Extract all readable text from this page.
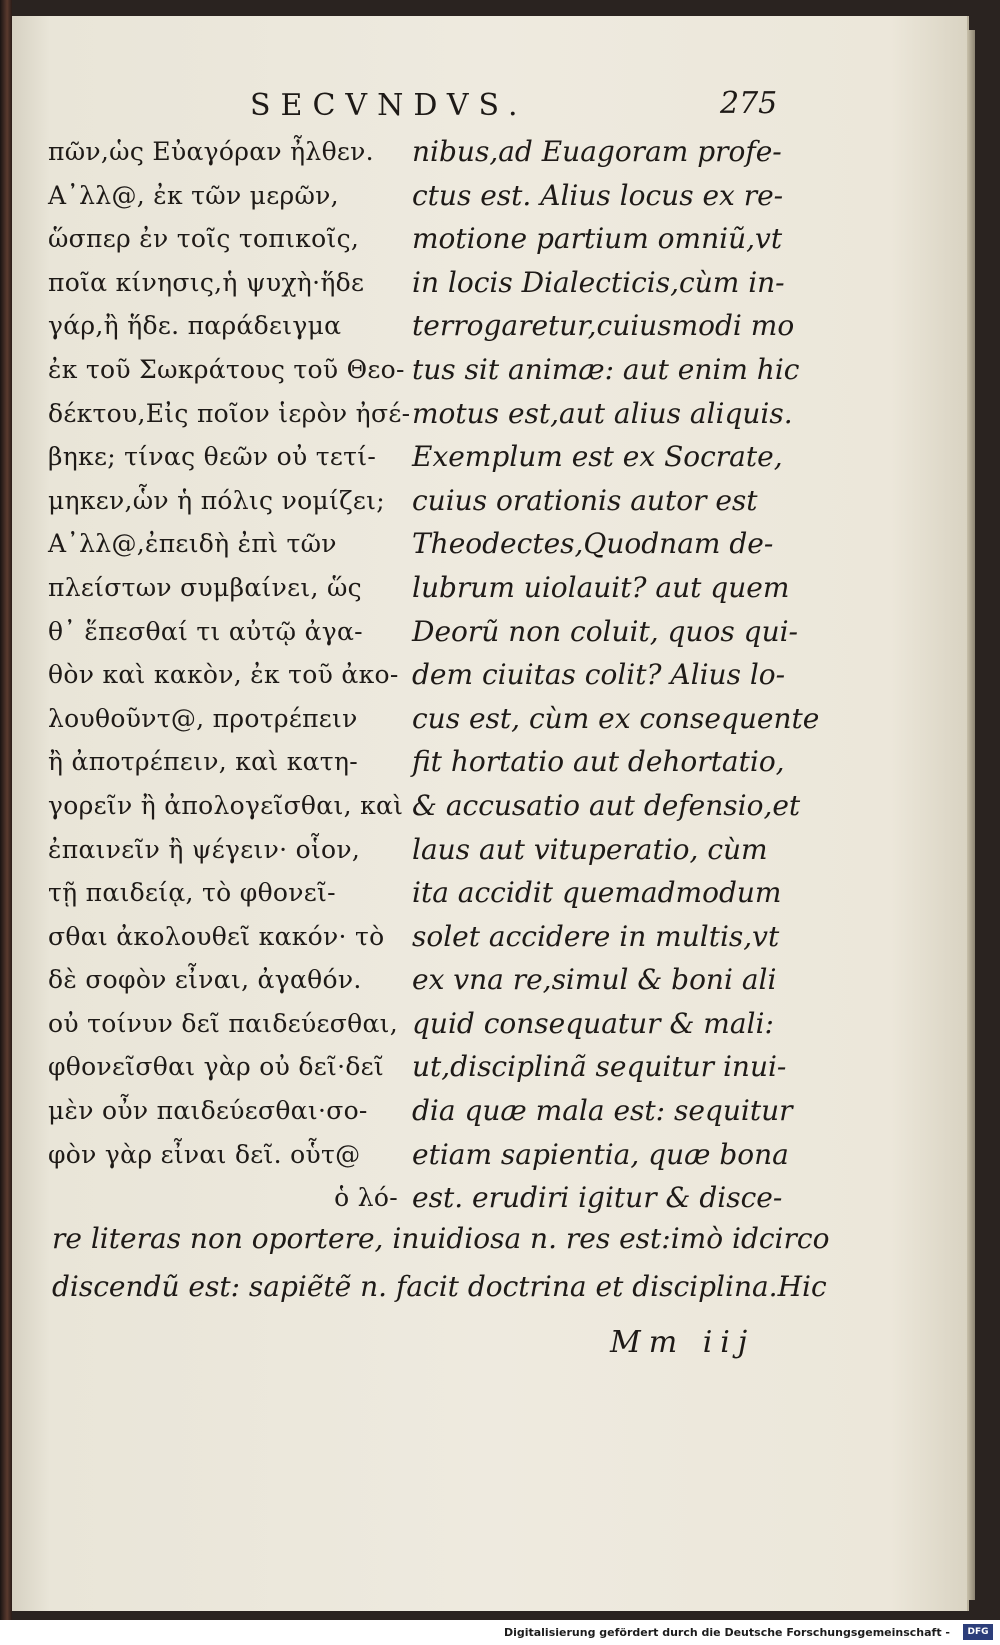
SECVNDVS.	275
πῶν,ὡς Εὐαγόραν ἦλθεν.
Α᾿λλ@, ἐκ τῶν μερῶν,
ὥσπερ ἐν τοῖς τοπικοῖς,
ποῖα κίνησις,ἡ ψυχὴ·ἥδε
γάρ,ἢ ἥδε. παράδειγμα
ἐκ τοῦ Σωκράτους τοῦ Θεο-
δέκτου,Εἰς ποῖον ἱερὸν ἠσέ-
βηκε; τίνας θεῶν οὐ τετί-
μηκεν,ὧν ἡ πόλις νομίζει;
Α᾿λλ@,ἐπειδὴ ἐπὶ τῶν
πλείστων συμβαίνει, ὥς
θ᾿ ἕπεσθαί τι αὐτῷ ἀγα-
θὸν καὶ κακὸν, ἐκ τοῦ ἀκο-
λουθοῦντ@, προτρέπειν
ἢ ἀποτρέπειν, καὶ κατη-
γορεῖν ἢ ἀπολογεῖσθαι, καὶ
ἐπαινεῖν ἢ ψέγειν· οἷον,
τῇ παιδείᾳ, τὸ φθονεῖ-
σθαι ἀκολουθεῖ κακόν· τὸ
δὲ σοφὸν εἶναι, ἀγαθόν.
οὐ τοίνυν δεῖ παιδεύεσθαι,
φθονεῖσθαι γὰρ οὐ δεῖ·δεῖ
μὲν οὖν παιδεύεσθαι·σο-
φὸν γὰρ εἶναι δεῖ. οὗτ@
ὁ λό-
nibus,ad Euagoram profe-
ctus est. Alius locus ex re-
motione partium omniũ,vt
in locis Dialecticis,cùm in-
terrogaretur,cuiusmodi mo
tus sit animæ: aut enim hic
motus est,aut alius aliquis.
Exemplum est ex Socrate,
cuius orationis autor est
Theodectes,Quodnam de-
lubrum uiolauit? aut quem
Deorũ non coluit, quos qui-
dem ciuitas colit? Alius lo-
cus est, cùm ex consequente
fit hortatio aut dehortatio,
& accusatio aut defensio,et
laus aut vituperatio, cùm
ita accidit quemadmodum
solet accidere in multis,vt
ex vna re,simul & boni ali
quid consequatur & mali:
ut,disciplinã sequitur inui-
dia quæ mala est: sequitur
etiam sapientia, quæ bona
est. erudiri igitur & disce-
re literas non oportere, inuidiosa n. res est:imò idcirco
discendũ est: sapiẽtẽ n. facit doctrina et disciplina.Hic
Mm iij
Digitalisierung gefördert durch die Deutsche Forschungsgemeinschaft -	DFG
